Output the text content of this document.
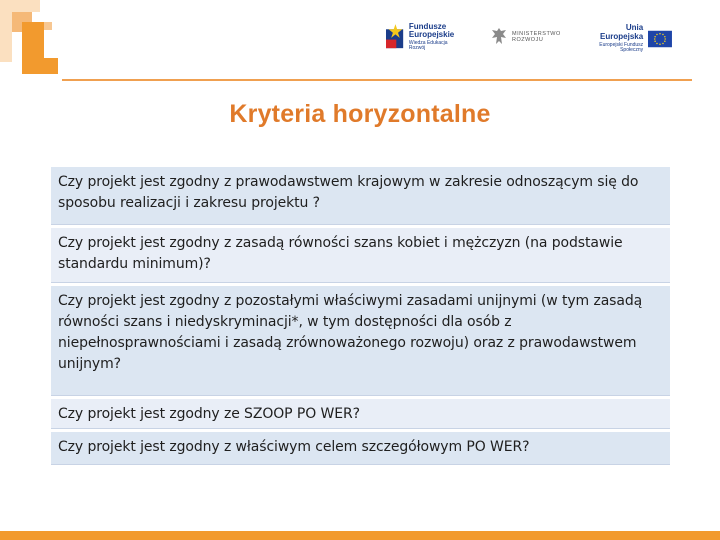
Fundusze
Europejskie
Wiedza Edukacja Rozwój
MINISTERSTWO
ROZWOJU
Unia Europejska
Europejski Fundusz Społeczny
Kryteria horyzontalne
Czy projekt jest zgodny z prawodawstwem krajowym w zakresie odnoszącym się do sposobu realizacji i zakresu projektu ?
Czy projekt jest zgodny z zasadą równości szans kobiet i mężczyzn (na podstawie standardu minimum)?
Czy projekt jest zgodny z pozostałymi właściwymi zasadami unijnymi (w tym zasadą równości szans i niedyskryminacji*, w tym dostępności dla osób z niepełnosprawnościami i zasadą zrównoważonego rozwoju) oraz z prawodawstwem unijnym?
Czy projekt jest zgodny ze SZOOP PO WER?
Czy projekt jest zgodny z właściwym celem szczegółowym PO WER?
